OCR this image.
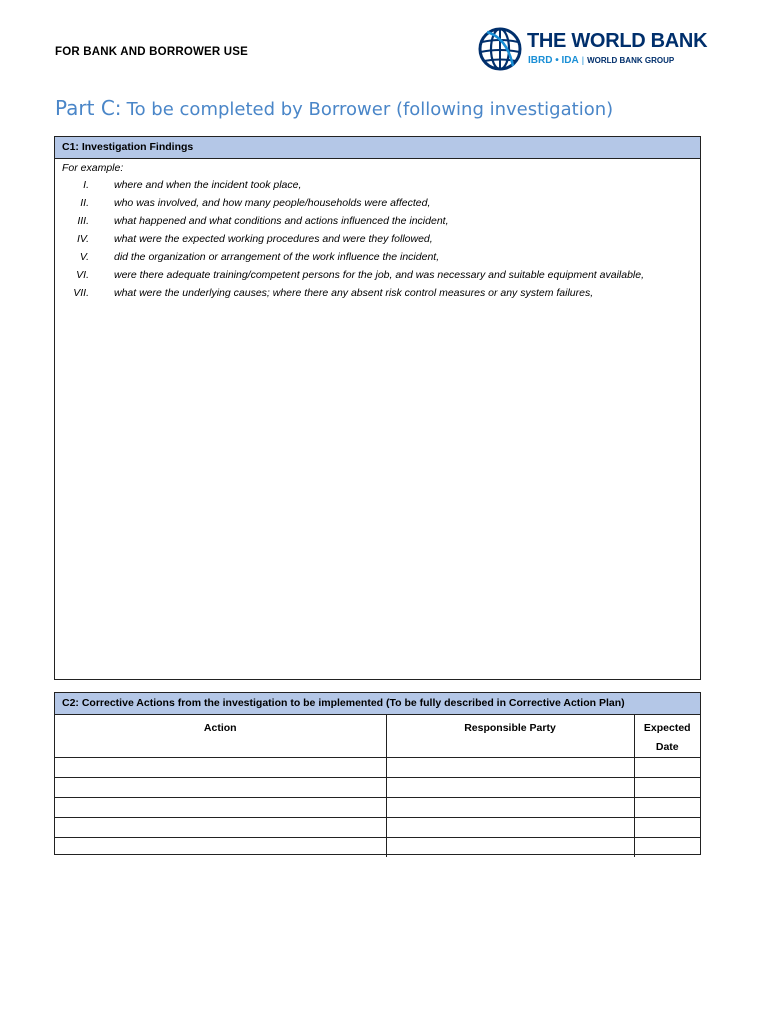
FOR BANK AND BORROWER USE	THE WORLD BANK
IBRD • IDA | WORLD BANK GROUP
Part C: To be completed by Borrower (following investigation)
C1: Investigation Findings
For example:
I. where and when the incident took place,
II. who was involved, and how many people/households were affected,
III. what happened and what conditions and actions influenced the incident,
IV. what were the expected working procedures and were they followed,
V. did the organization or arrangement of the work influence the incident,
VI. were there adequate training/competent persons for the job, and was necessary and suitable equipment available,
VII. what were the underlying causes; where there any absent risk control measures or any system failures,
C2: Corrective Actions from the investigation to be implemented (To be fully described in Corrective Action Plan)
Action	Responsible Party	Expected Date
